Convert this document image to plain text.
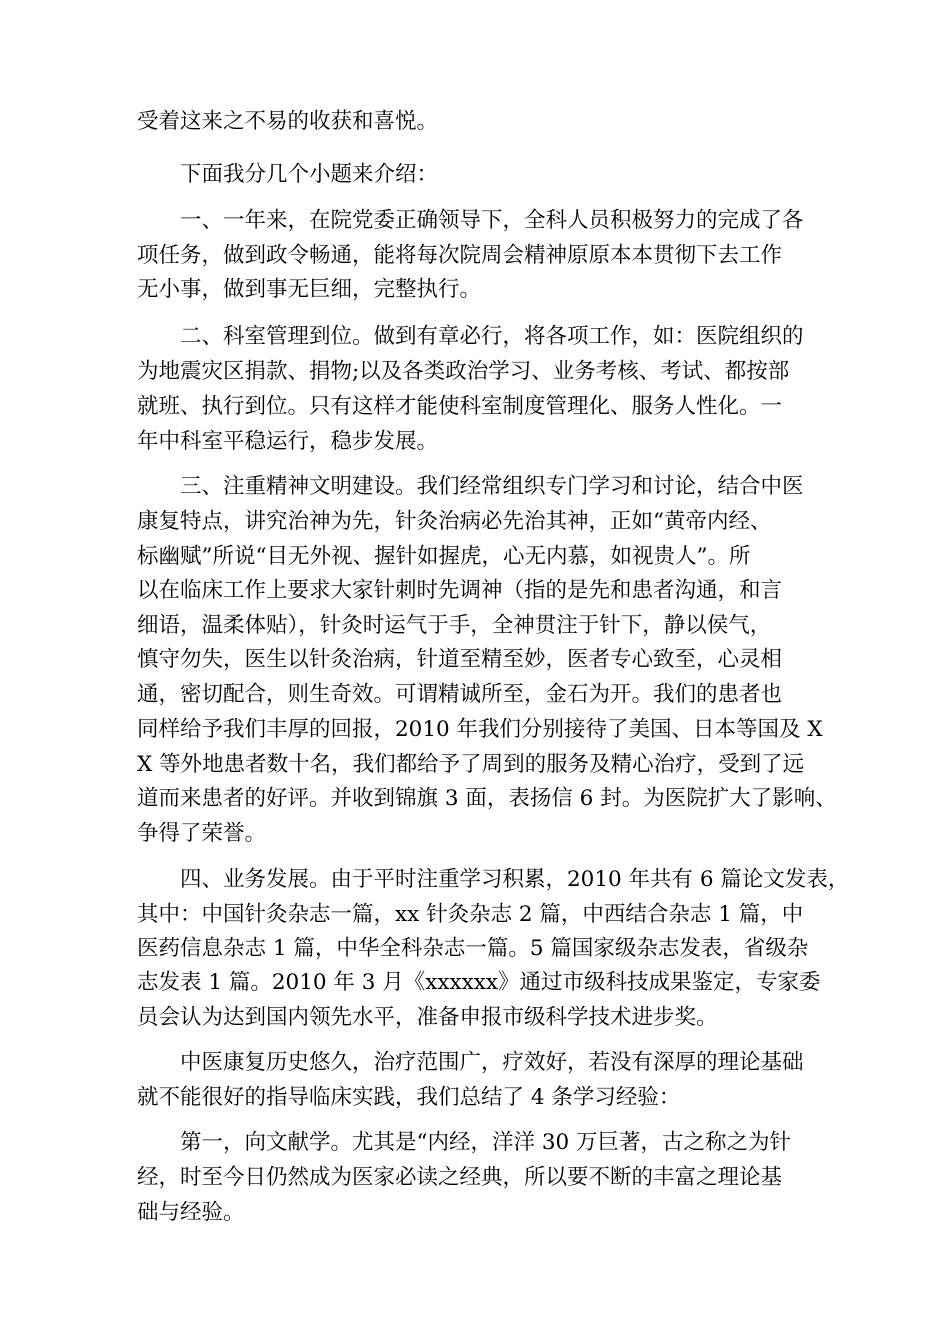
受着这来之不易的收获和喜悦。
　　下面我分几个小题来介绍：
　　一、一年来，在院党委正确领导下，全科人员积极努力的完成了各
项任务，做到政令畅通，能将每次院周会精神原原本本贯彻下去工作
无小事，做到事无巨细，完整执行。
　　二、科室管理到位。做到有章必行，将各项工作，如：医院组织的
为地震灾区捐款、捐物;以及各类政治学习、业务考核、考试、都按部
就班、执行到位。只有这样才能使科室制度管理化、服务人性化。一
年中科室平稳运行，稳步发展。
　　三、注重精神文明建设。我们经常组织专门学习和讨论，结合中医
康复特点，讲究治神为先，针灸治病必先治其神，正如“黄帝内经、
标幽赋”所说“目无外视、握针如握虎，心无内慕，如视贵人”。所
以在临床工作上要求大家针刺时先调神（指的是先和患者沟通，和言
细语，温柔体贴），针灸时运气于手，全神贯注于针下，静以侯气，
慎守勿失，医生以针灸治病，针道至精至妙，医者专心致至，心灵相
通，密切配合，则生奇效。可谓精诚所至，金石为开。我们的患者也
同样给予我们丰厚的回报，2010 年我们分别接待了美国、日本等国及 X
X 等外地患者数十名，我们都给予了周到的服务及精心治疗，受到了远
道而来患者的好评。并收到锦旗 3 面，表扬信 6 封。为医院扩大了影响、
争得了荣誉。
　　四、业务发展。由于平时注重学习积累，2010 年共有 6 篇论文发表，
其中：中国针灸杂志一篇，xx 针灸杂志 2 篇，中西结合杂志 1 篇，中
医药信息杂志 1 篇，中华全科杂志一篇。5 篇国家级杂志发表，省级杂
志发表 1 篇。2010 年 3 月《xxxxxx》通过市级科技成果鉴定，专家委
员会认为达到国内领先水平，准备申报市级科学技术进步奖。
　　中医康复历史悠久，治疗范围广，疗效好，若没有深厚的理论基础
就不能很好的指导临床实践，我们总结了 4 条学习经验：
　　第一，向文献学。尤其是“内经，洋洋 30 万巨著，古之称之为针
经，时至今日仍然成为医家必读之经典，所以要不断的丰富之理论基
础与经验。
